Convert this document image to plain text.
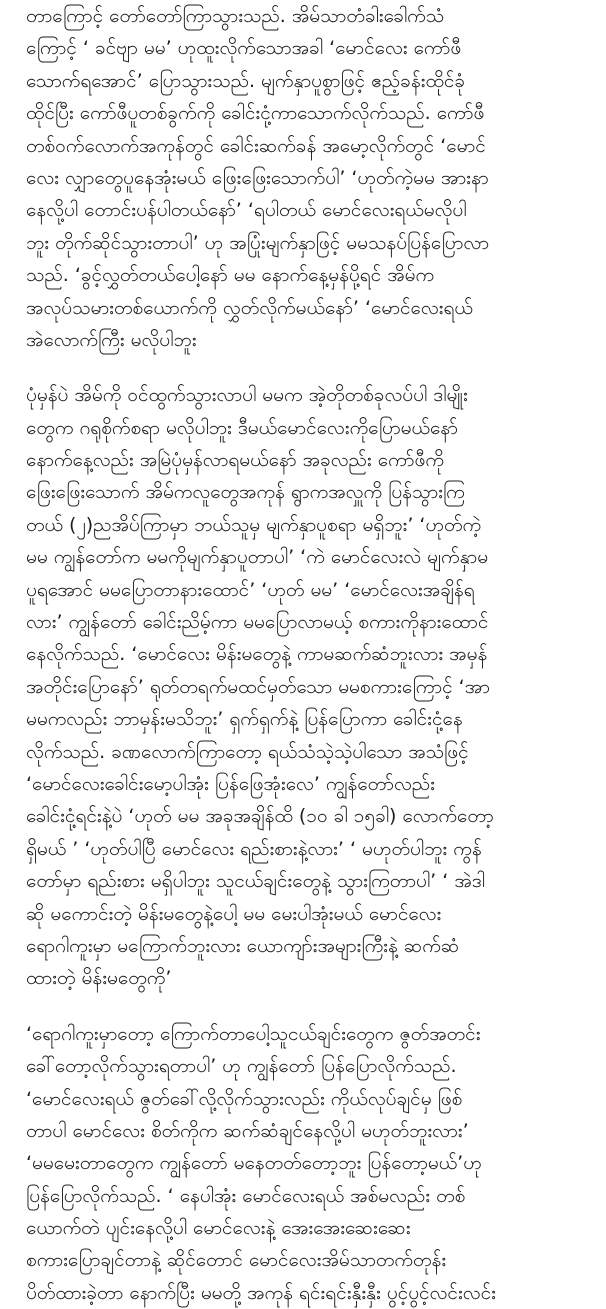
တာကြောင့် တော်တော်ကြာသွားသည်. အိမ်သာတံခါးခေါက်သံ
ကြောင့် ‘ ခင်ဗျာ မမ’ ဟုထူးလိုက်သောအခါ ‘မောင်လေး ကော်ဖီ
သောက်ရအောင်’ ပြောသွားသည်. မျက်နှာပူစွာဖြင့် ဧည့်ခန်းထိုင်ခုံ
ထိုင်ပြီး ကော်ဖီပူတစ်ခွက်ကို ခေါင်းငုံ့ကာသောက်လိုက်သည်. ကော်ဖီ
တစ်ဝက်လောက်အကုန်တွင် ခေါင်းဆက်ခန် အမော့လိုက်တွင် ‘မောင်
လေး လျှာတွေပူနေအုံးမယ် ဖြေးဖြေးသောက်ပါ’ ‘ဟုတ်ကဲ့မမ အားနာ
နေလို့ပါ တောင်းပန်ပါတယ်နော်’ ‘ရပါတယ် မောင်လေးရယ်မလိုပါ
ဘူး တိုက်ဆိုင်သွားတာပါ’ ဟု အပြုံးမျက်နှာဖြင့် မမသနပ်ပြန်ပြောလာ
သည်. ‘ခွင့်လွှတ်တယ်ပေါ့နော် မမ နောက်နေ့မှန်ပို့ရင် အိမ်က
အလုပ်သမားတစ်ယောက်ကို လွှတ်လိုက်မယ်နော်’ ‘မောင်လေးရယ်
အဲလောက်ကြီး မလိုပါဘူး
ပုံမှန်ပဲ အိမ်ကို ဝင်ထွက်သွားလာပါ မမက အဲ့တိုတစ်ခုလပ်ပါ ဒါမျိုး
တွေက ဂရုစိုက်စရာ မလိုပါဘူး ဒီမယ်မောင်လေးကိုပြောမယ်နော်
နောက်နေ့လည်း အမြဲပုံမှန်လာရမယ်နော် အခုလည်း ကော်ဖီကို
ဖြေးဖြေးသောက် အိမ်ကလူတွေအကုန် ရွာကအလှူကို ပြန်သွားကြ
တယ် (၂)ညအိပ်ကြာမှာ ဘယ်သူမှ မျက်နှာပူစရာ မရှိဘူး’ ‘ဟုတ်ကဲ့
မမ ကျွန်တော်က မမကိုမျက်နှာပူတာပါ’ ‘ကဲ မောင်လေးလဲ မျက်နှာမ
ပူရအောင် မမပြောတာနားထောင်’ ‘ဟုတ် မမ’ ‘မောင်လေးအချိန်ရ
လား’ ကျွန်တော် ခေါင်းညိမ့်ကာ မမပြောလာမယ့် စကားကိုနားထောင်
နေလိုက်သည်. ‘မောင်လေး မိန်းမတွေနဲ့ ကာမဆက်ဆံဘူးလား အမှန်
အတိုင်းပြောနော်’ ရုတ်တရက်မထင်မှတ်သော မမစကားကြောင့် ‘အာ
မမကလည်း ဘာမှန်းမသိဘူး’ ရှက်ရှက်နဲ့ ပြန်ပြောကာ ခေါင်းငုံ့နေ
လိုက်သည်. ခဏလောက်ကြာတော့ ရယ်သံသဲ့သဲ့ပါသော အသံဖြင့်
‘မောင်လေးခေါင်းမော့ပါအုံး ပြန်ဖြေအုံးလေ’ ကျွန်တော်လည်း
ခေါင်းငုံ့ရင်းနဲ့ပဲ ‘ဟုတ် မမ အခုအချိန်ထိ (၁၀ ခါ ၁၅ခါ) လောက်တော့
ရှိမယ် ’ ‘ဟုတ်ပါပြီ မောင်လေး ရည်းစားနဲ့လား’ ‘ မဟုတ်ပါဘူး ကွန်
တော်မှာ ရည်းစား မရှိပါဘူး သူငယ်ချင်းတွေနဲ့ သွားကြတာပါ’ ‘ အဲဒါ
ဆို မကောင်းတဲ့ မိန်းမတွေနဲ့ပေါ့ မမ မေးပါအုံးမယ် မောင်လေး
ရောဂါကူးမှာ မကြောက်ဘူးလား ယောကျာ်းအများကြီးနဲ့ ဆက်ဆံ
ထားတဲ့ မိန်းမတွေကို’
‘ရောဂါကူးမှာတော့ ကြောက်တာပေါ့သူငယ်ချင်းတွေက ဇွတ်အတင်း
ခေါ်တော့လိုက်သွားရတာပါ’ ဟု ကျွန်တော် ပြန်ပြောလိုက်သည်.
‘မောင်လေးရယ် ဇွတ်ခေါ်လို့လိုက်သွားလည်း ကိုယ်လုပ်ချင်မှ ဖြစ်
တာပါ မောင်လေး စိတ်ကိုက ဆက်ဆံချင်နေလို့ပါ မဟုတ်ဘူးလား’
‘မမမေးတာတွေက ကျွန်တော် မနေတတ်တော့ဘူး ပြန်တော့မယ်’ဟု
ပြန်ပြောလိုက်သည်. ‘ နေပါအုံး မောင်လေးရယ် အစ်မလည်း တစ်
ယောက်တဲ ပျင်းနေလို့ပါ မောင်လေးနဲ့ အေးအေးဆေးဆေး
စကားပြောချင်တာနဲ့ ဆိုင်တောင် မောင်လေးအိမ်သာတက်တုန်း
ပိတ်ထားခဲ့တာ နောက်ပြီး မမတို့ အကုန် ရင်းရင်းနှီးနှီး ပွင့်ပွင့်လင်းလင်း
